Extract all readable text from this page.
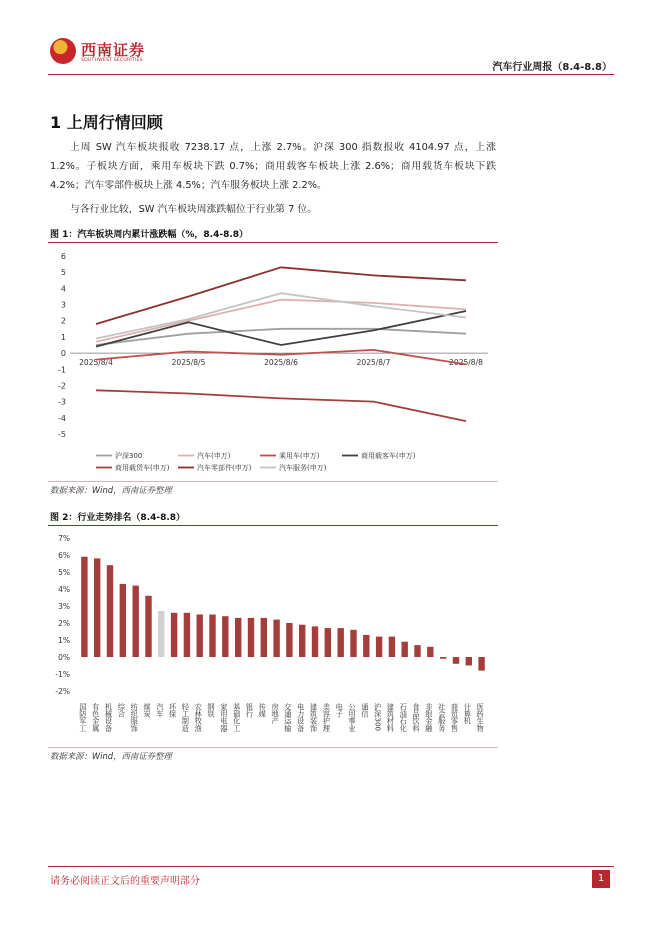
西南证券
SOUTHWEST SECURITIES
汽车行业周报（8.4-8.8）
1 上周行情回顾

上周 SW 汽车板块报收 7238.17 点，上涨 2.7%。沪深 300 指数报收 4104.97 点，上涨 1.2%。子板块方面，乘用车板块下跌 0.7%；商用载客车板块上涨 2.6%；商用载货车板块下跌 4.2%；汽车零部件板块上涨 4.5%；汽车服务板块上涨 2.2%。

与各行业比较，SW 汽车板块周涨跌幅位于行业第 7 位。

图 1：汽车板块周内累计涨跌幅（%，8.4-8.8）
6
5
4
3
2
1
0
-1
-2
-3
-4
-5
2025/8/4	2025/8/5	2025/8/6	2025/8/7	2025/8/8
沪深300	汽车(申万)	乘用车(申万)	商用载客车(申万)
商用载货车(申万)	汽车零部件(申万)	汽车服务(申万)
数据来源：Wind，西南证券整理
图 2：行业走势排名（8.4-8.8）
7%
6%
5%
4%
3%
2%
1%
0%
-1%
-2%
国防军工 有色金属 机械设备 综合 纺织服饰 煤炭 汽车 环保 轻工制造 农林牧渔 钢铁 家用电器 基础化工 银行 传媒 房地产 交通运输 电力设备 建筑装饰 美容护理 电子 公用事业 通信 沪深300 建筑材料 石油石化 食品饮料 非银金融 社会服务 商贸零售 计算机 医药生物
数据来源：Wind，西南证券整理
请务必阅读正文后的重要声明部分	1
